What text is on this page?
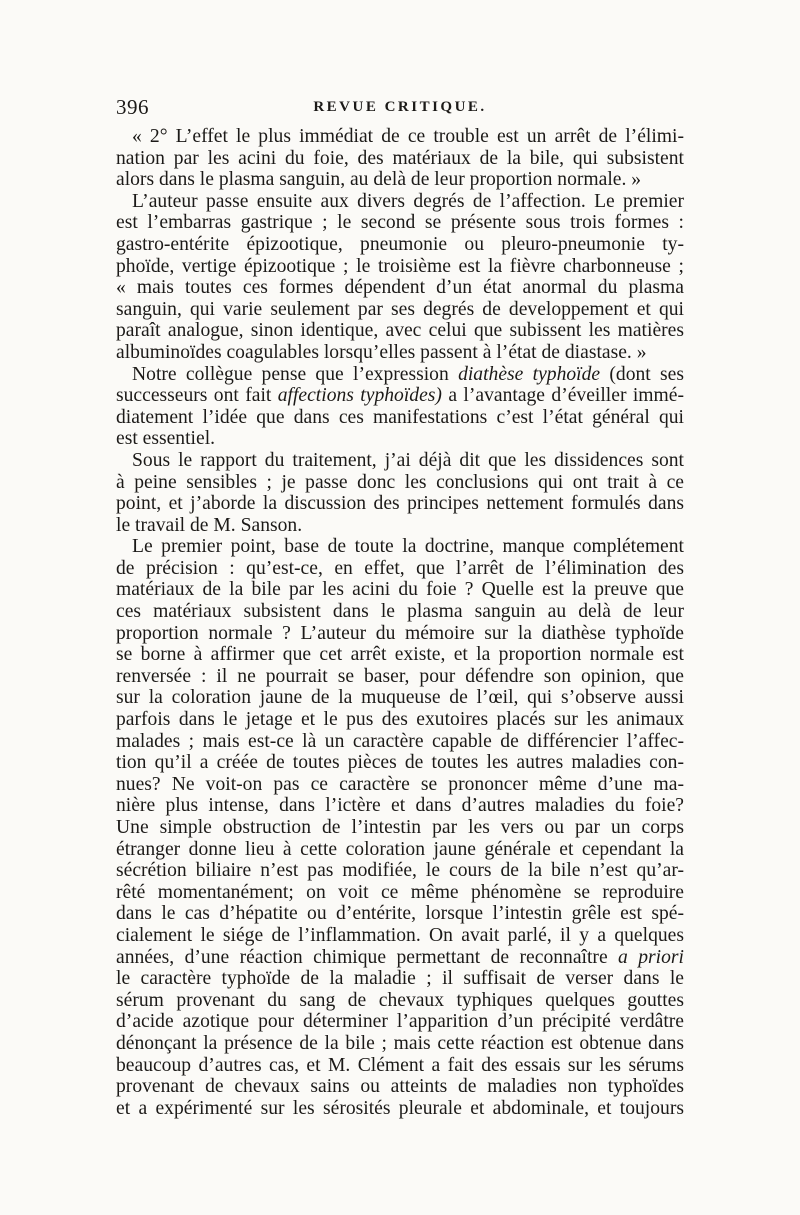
396	REVUE CRITIQUE.
« 2° L’effet le plus immédiat de ce trouble est un arrêt de l’élimi-
nation par les acini du foie, des matériaux de la bile, qui subsistent
alors dans le plasma sanguin, au delà de leur proportion normale. »
L’auteur passe ensuite aux divers degrés de l’affection. Le premier
est l’embarras gastrique ; le second se présente sous trois formes :
gastro-entérite épizootique, pneumonie ou pleuro-pneumonie ty-
phoïde, vertige épizootique ; le troisième est la fièvre charbonneuse ;
« mais toutes ces formes dépendent d’un état anormal du plasma
sanguin, qui varie seulement par ses degrés de developpement et qui
paraît analogue, sinon identique, avec celui que subissent les matières
albuminoïdes coagulables lorsqu’elles passent à l’état de diastase. »
Notre collègue pense que l’expression diathèse typhoïde (dont ses
successeurs ont fait affections typhoïdes) a l’avantage d’éveiller immé-
diatement l’idée que dans ces manifestations c’est l’état général qui
est essentiel.
Sous le rapport du traitement, j’ai déjà dit que les dissidences sont
à peine sensibles ; je passe donc les conclusions qui ont trait à ce
point, et j’aborde la discussion des principes nettement formulés dans
le travail de M. Sanson.
Le premier point, base de toute la doctrine, manque complétement
de précision : qu’est-ce, en effet, que l’arrêt de l’élimination des
matériaux de la bile par les acini du foie ? Quelle est la preuve que
ces matériaux subsistent dans le plasma sanguin au delà de leur
proportion normale ? L’auteur du mémoire sur la diathèse typhoïde
se borne à affirmer que cet arrêt existe, et la proportion normale est
renversée : il ne pourrait se baser, pour défendre son opinion, que
sur la coloration jaune de la muqueuse de l’œil, qui s’observe aussi
parfois dans le jetage et le pus des exutoires placés sur les animaux
malades ; mais est-ce là un caractère capable de différencier l’affec-
tion qu’il a créée de toutes pièces de toutes les autres maladies con-
nues? Ne voit-on pas ce caractère se prononcer même d’une ma-
nière plus intense, dans l’ictère et dans d’autres maladies du foie?
Une simple obstruction de l’intestin par les vers ou par un corps
étranger donne lieu à cette coloration jaune générale et cependant la
sécrétion biliaire n’est pas modifiée, le cours de la bile n’est qu’ar-
rêté momentanément; on voit ce même phénomène se reproduire
dans le cas d’hépatite ou d’entérite, lorsque l’intestin grêle est spé-
cialement le siége de l’inflammation. On avait parlé, il y a quelques
années, d’une réaction chimique permettant de reconnaître a priori
le caractère typhoïde de la maladie ; il suffisait de verser dans le
sérum provenant du sang de chevaux typhiques quelques gouttes
d’acide azotique pour déterminer l’apparition d’un précipité verdâtre
dénonçant la présence de la bile ; mais cette réaction est obtenue dans
beaucoup d’autres cas, et M. Clément a fait des essais sur les sérums
provenant de chevaux sains ou atteints de maladies non typhoïdes
et a expérimenté sur les sérosités pleurale et abdominale, et toujours
